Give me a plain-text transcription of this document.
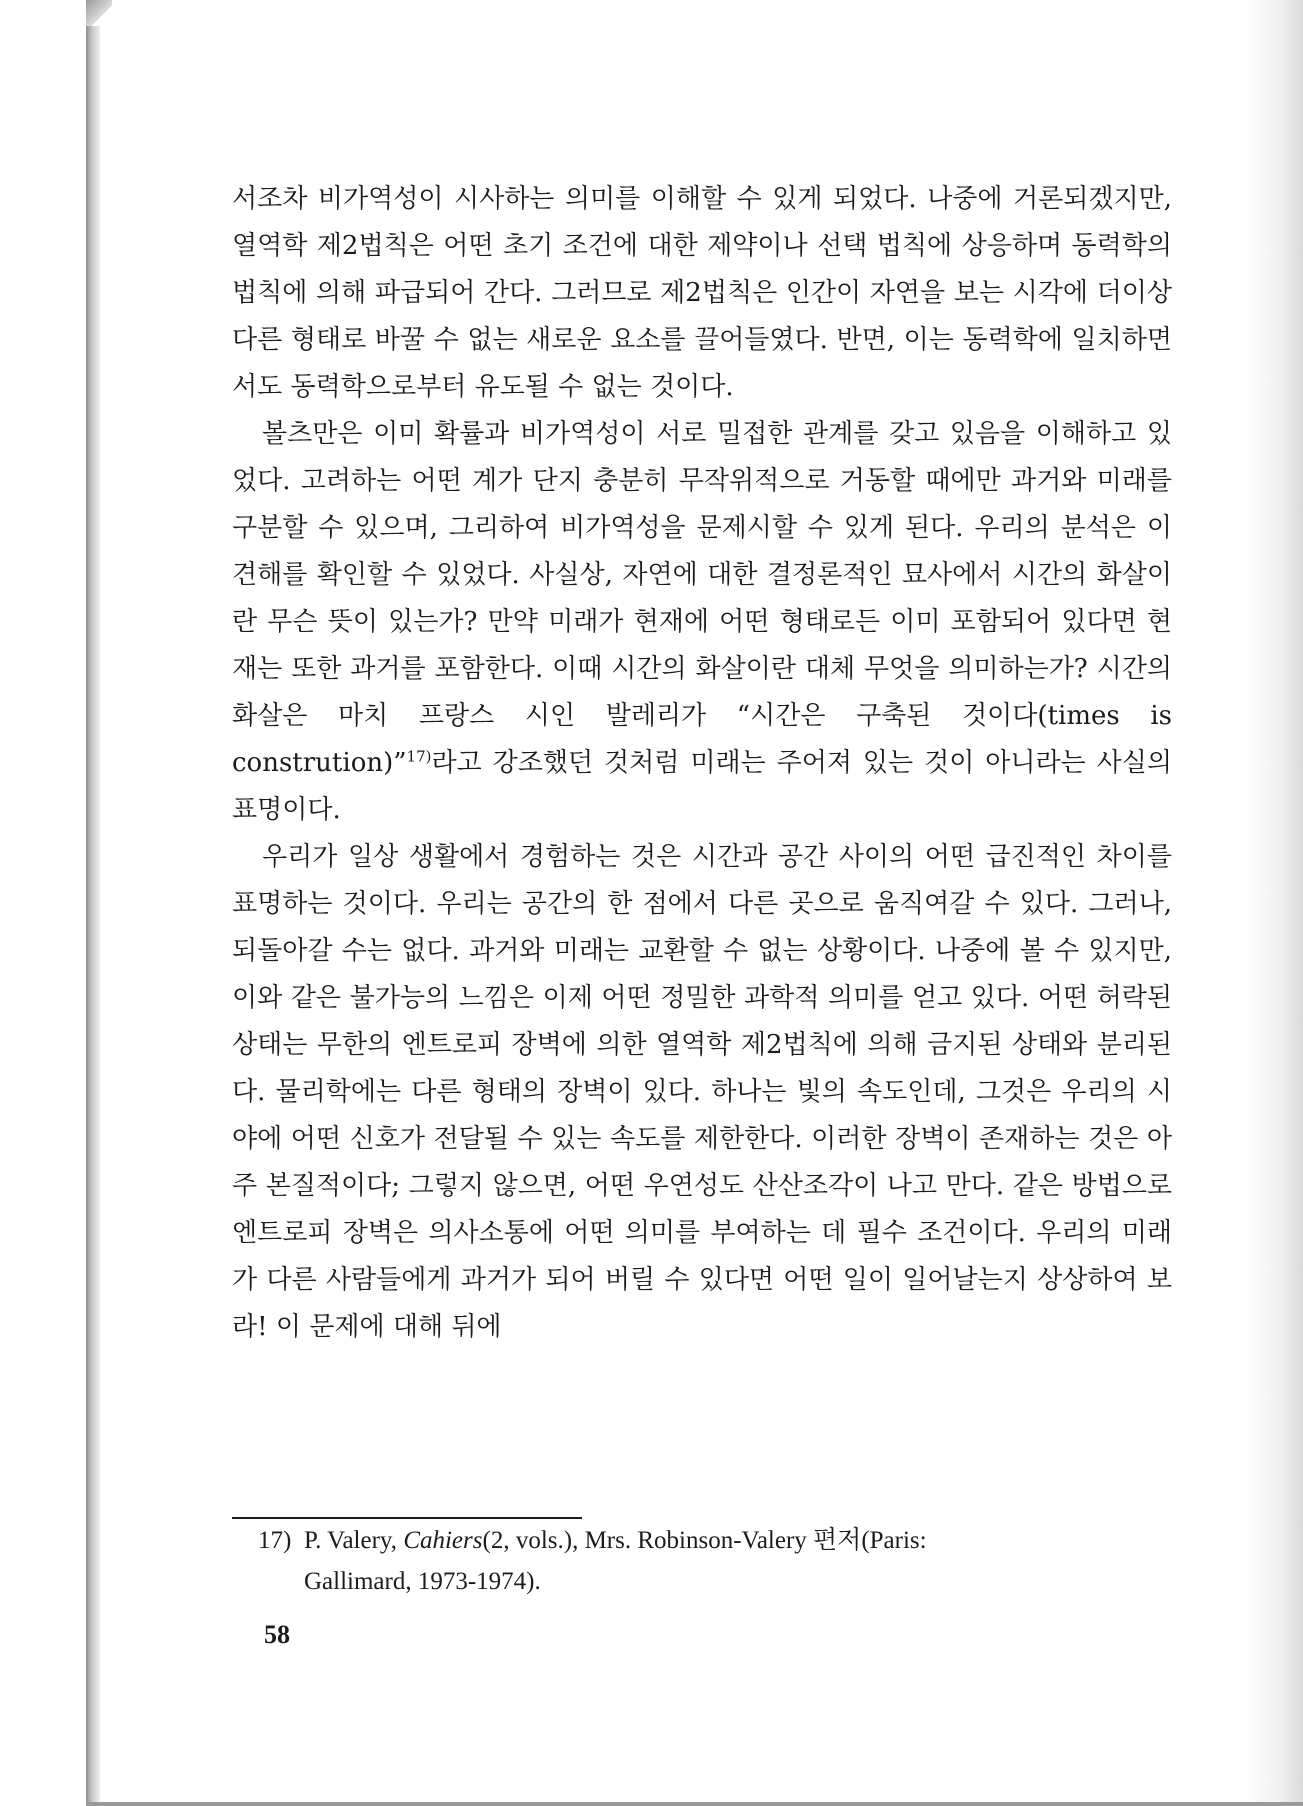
서조차 비가역성이 시사하는 의미를 이해할 수 있게 되었다. 나중에 거론되겠지만, 열역학 제2법칙은 어떤 초기 조건에 대한 제약이나 선택 법칙에 상응하며 동력학의 법칙에 의해 파급되어 간다. 그러므로 제2법칙은 인간이 자연을 보는 시각에 더이상 다른 형태로 바꿀 수 없는 새로운 요소를 끌어들였다. 반면, 이는 동력학에 일치하면서도 동력학으로부터 유도될 수 없는 것이다.

볼츠만은 이미 확률과 비가역성이 서로 밀접한 관계를 갖고 있음을 이해하고 있었다. 고려하는 어떤 계가 단지 충분히 무작위적으로 거동할 때에만 과거와 미래를 구분할 수 있으며, 그리하여 비가역성을 문제시할 수 있게 된다. 우리의 분석은 이 견해를 확인할 수 있었다. 사실상, 자연에 대한 결정론적인 묘사에서 시간의 화살이란 무슨 뜻이 있는가? 만약 미래가 현재에 어떤 형태로든 이미 포함되어 있다면 현재는 또한 과거를 포함한다. 이때 시간의 화살이란 대체 무엇을 의미하는가? 시간의 화살은 마치 프랑스 시인 발레리가 “시간은 구축된 것이다(times is constrution)”$^{17)}$라고 강조했던 것처럼 미래는 주어져 있는 것이 아니라는 사실의 표명이다.

우리가 일상 생활에서 경험하는 것은 시간과 공간 사이의 어떤 급진적인 차이를 표명하는 것이다. 우리는 공간의 한 점에서 다른 곳으로 움직여갈 수 있다. 그러나, 되돌아갈 수는 없다. 과거와 미래는 교환할 수 없는 상황이다. 나중에 볼 수 있지만, 이와 같은 불가능의 느낌은 이제 어떤 정밀한 과학적 의미를 얻고 있다. 어떤 허락된 상태는 무한의 엔트로피 장벽에 의한 열역학 제2법칙에 의해 금지된 상태와 분리된다. 물리학에는 다른 형태의 장벽이 있다. 하나는 빛의 속도인데, 그것은 우리의 시야에 어떤 신호가 전달될 수 있는 속도를 제한한다. 이러한 장벽이 존재하는 것은 아주 본질적이다; 그렇지 않으면, 어떤 우연성도 산산조각이 나고 만다. 같은 방법으로 엔트로피 장벽은 의사소통에 어떤 의미를 부여하는 데 필수 조건이다. 우리의 미래가 다른 사람들에게 과거가 되어 버릴 수 있다면 어떤 일이 일어날는지 상상하여 보라! 이 문제에 대해 뒤에

17) P. Valery, Cahiers(2, vols.), Mrs. Robinson-Valery 편저(Paris:
Gallimard, 1973-1974).
58
